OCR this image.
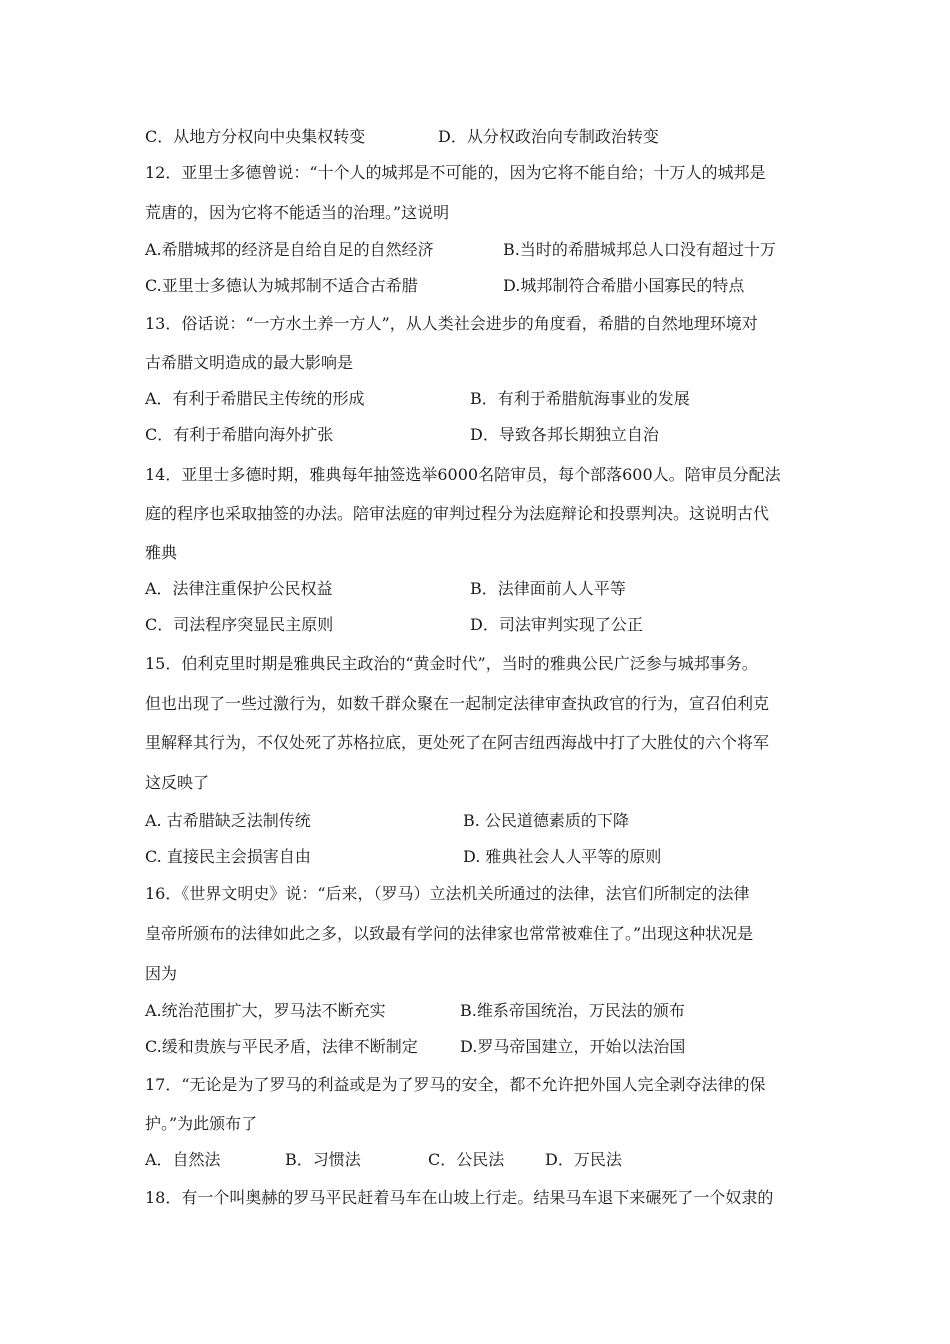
C．从地方分权向中央集权转变	D．从分权政治向专制政治转变
12．亚里士多德曾说：“十个人的城邦是不可能的，因为它将不能自给；十万人的城邦是
荒唐的，因为它将不能适当的治理。”这说明
A.希腊城邦的经济是自给自足的自然经济	B.当时的希腊城邦总人口没有超过十万
C.亚里士多德认为城邦制不适合古希腊	D.城邦制符合希腊小国寡民的特点
13．俗话说：“一方水土养一方人”，从人类社会进步的角度看，希腊的自然地理环境对
古希腊文明造成的最大影响是
A．有利于希腊民主传统的形成	B．有利于希腊航海事业的发展
C．有利于希腊向海外扩张	D．导致各邦长期独立自治
14．亚里士多德时期，雅典每年抽签选举6000名陪审员，每个部落600人。陪审员分配法
庭的程序也采取抽签的办法。陪审法庭的审判过程分为法庭辩论和投票判决。这说明古代
雅典
A．法律注重保护公民权益	B．法律面前人人平等
C．司法程序突显民主原则	D．司法审判实现了公正
15．伯利克里时期是雅典民主政治的“黄金时代”，当时的雅典公民广泛参与城邦事务。
但也出现了一些过激行为，如数千群众聚在一起制定法律审查执政官的行为，宣召伯利克
里解释其行为，不仅处死了苏格拉底，更处死了在阿吉纽西海战中打了大胜仗的六个将军
这反映了
A. 古希腊缺乏法制传统	B. 公民道德素质的下降
C. 直接民主会损害自由	D. 雅典社会人人平等的原则
16．《世界文明史》说：“后来，（罗马）立法机关所通过的法律，法官们所制定的法律
皇帝所颁布的法律如此之多，以致最有学问的法律家也常常被难住了。”出现这种状况是
因为
A.统治范围扩大，罗马法不断充实	B.维系帝国统治，万民法的颁布
C.缓和贵族与平民矛盾，法律不断制定	D.罗马帝国建立，开始以法治国
17．“无论是为了罗马的利益或是为了罗马的安全，都不允许把外国人完全剥夺法律的保
护。”为此颁布了
A．自然法	B．习惯法	C．公民法	D．万民法
18．有一个叫奥赫的罗马平民赶着马车在山坡上行走。结果马车退下来碾死了一个奴隶的
